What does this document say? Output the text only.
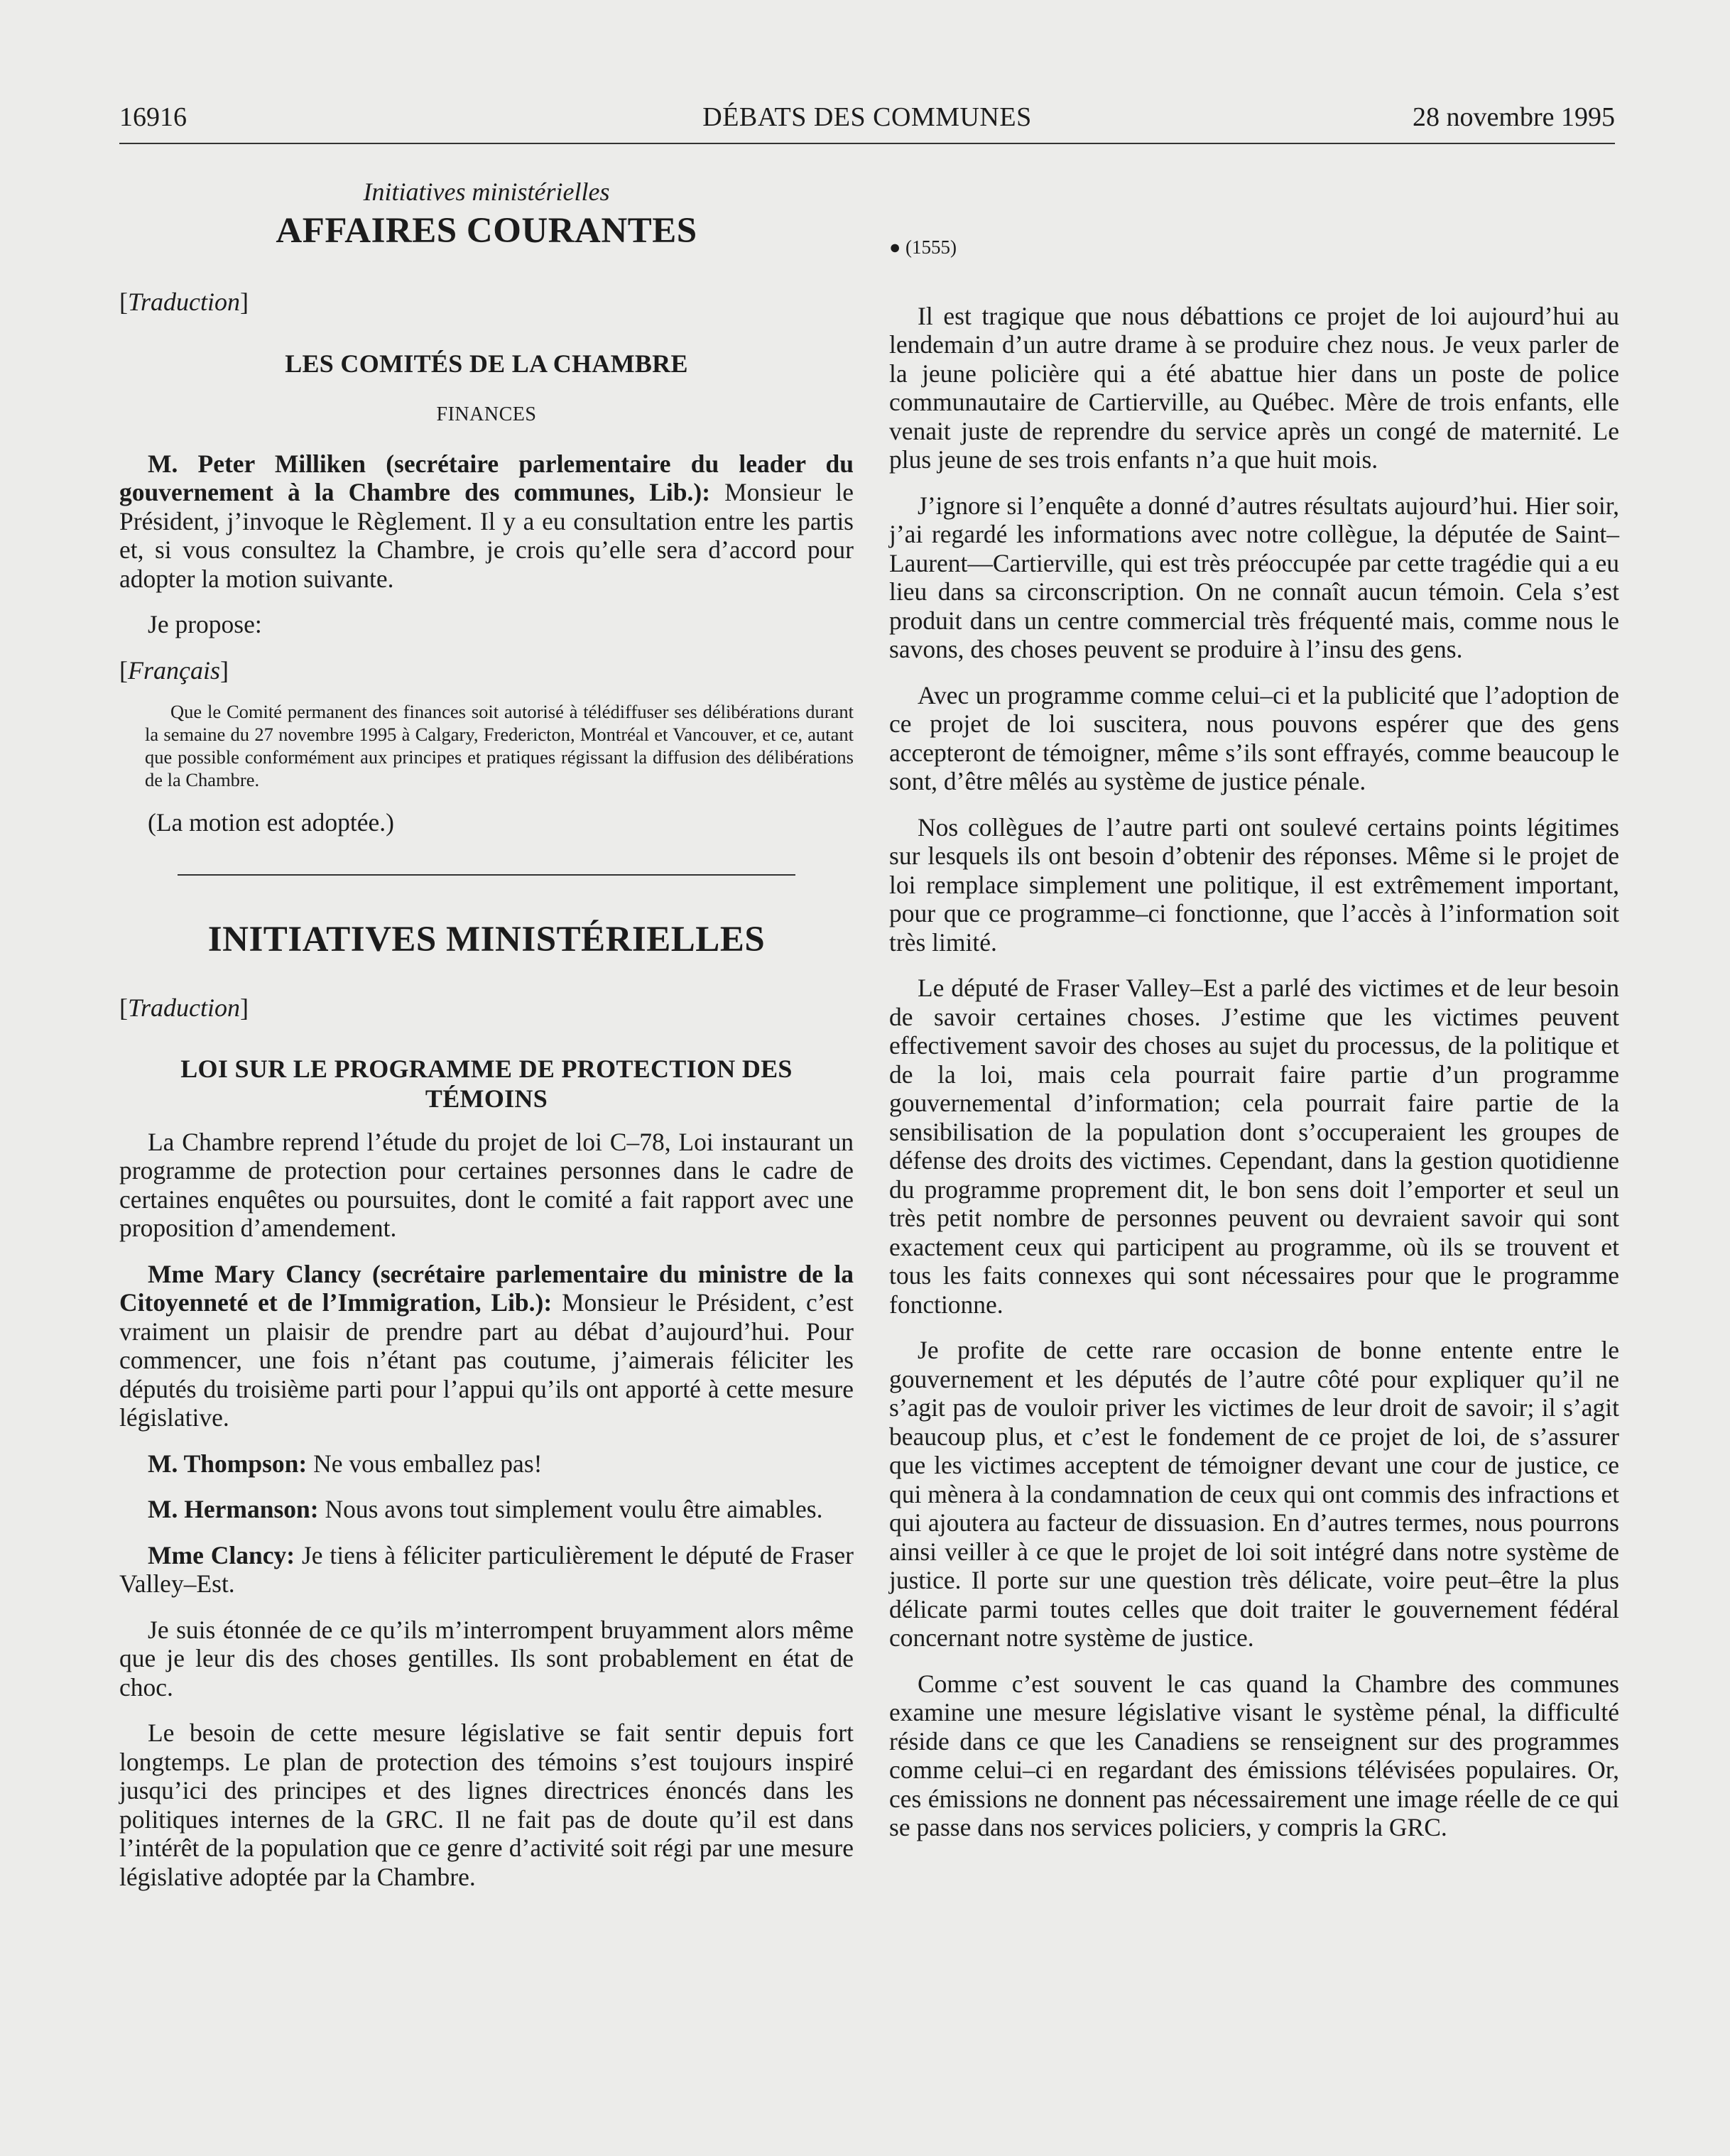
16916	DÉBATS DES COMMUNES	28 novembre 1995
Initiatives ministérielles
AFFAIRES COURANTES
[Traduction]
LES COMITÉS DE LA CHAMBRE
FINANCES

M. Peter Milliken (secrétaire parlementaire du leader du gouvernement à la Chambre des communes, Lib.): Monsieur le Président, j’invoque le Règlement. Il y a eu consultation entre les partis et, si vous consultez la Chambre, je crois qu’elle sera d’accord pour adopter la motion suivante.

Je propose:

[Français]
Que le Comité permanent des finances soit autorisé à télédiffuser ses délibérations durant la semaine du 27 novembre 1995 à Calgary, Fredericton, Montréal et Vancouver, et ce, autant que possible conformément aux principes et pratiques régissant la diffusion des délibérations de la Chambre.

(La motion est adoptée.)

INITIATIVES MINISTÉRIELLES
[Traduction]
LOI SUR LE PROGRAMME DE PROTECTION DES
TÉMOINS

La Chambre reprend l’étude du projet de loi C–78, Loi instaurant un programme de protection pour certaines personnes dans le cadre de certaines enquêtes ou poursuites, dont le comité a fait rapport avec une proposition d’amendement.

Mme Mary Clancy (secrétaire parlementaire du ministre de la Citoyenneté et de l’Immigration, Lib.): Monsieur le Président, c’est vraiment un plaisir de prendre part au débat d’aujourd’hui. Pour commencer, une fois n’étant pas coutume, j’aimerais féliciter les députés du troisième parti pour l’appui qu’ils ont apporté à cette mesure législative.

M. Thompson: Ne vous emballez pas!

M. Hermanson: Nous avons tout simplement voulu être aimables.

Mme Clancy: Je tiens à féliciter particulièrement le député de Fraser Valley–Est.

Je suis étonnée de ce qu’ils m’interrompent bruyamment alors même que je leur dis des choses gentilles. Ils sont probablement en état de choc.

Le besoin de cette mesure législative se fait sentir depuis fort longtemps. Le plan de protection des témoins s’est toujours inspiré jusqu’ici des principes et des lignes directrices énoncés dans les politiques internes de la GRC. Il ne fait pas de doute qu’il est dans l’intérêt de la population que ce genre d’activité soit régi par une mesure législative adoptée par la Chambre.

● (1555)

Il est tragique que nous débattions ce projet de loi aujourd’hui au lendemain d’un autre drame à se produire chez nous. Je veux parler de la jeune policière qui a été abattue hier dans un poste de police communautaire de Cartierville, au Québec. Mère de trois enfants, elle venait juste de reprendre du service après un congé de maternité. Le plus jeune de ses trois enfants n’a que huit mois.

J’ignore si l’enquête a donné d’autres résultats aujourd’hui. Hier soir, j’ai regardé les informations avec notre collègue, la députée de Saint–Laurent—Cartierville, qui est très préoccupée par cette tragédie qui a eu lieu dans sa circonscription. On ne connaît aucun témoin. Cela s’est produit dans un centre commercial très fréquenté mais, comme nous le savons, des choses peuvent se produire à l’insu des gens.

Avec un programme comme celui–ci et la publicité que l’adoption de ce projet de loi suscitera, nous pouvons espérer que des gens accepteront de témoigner, même s’ils sont effrayés, comme beaucoup le sont, d’être mêlés au système de justice pénale.

Nos collègues de l’autre parti ont soulevé certains points légitimes sur lesquels ils ont besoin d’obtenir des réponses. Même si le projet de loi remplace simplement une politique, il est extrêmement important, pour que ce programme–ci fonctionne, que l’accès à l’information soit très limité.

Le député de Fraser Valley–Est a parlé des victimes et de leur besoin de savoir certaines choses. J’estime que les victimes peuvent effectivement savoir des choses au sujet du processus, de la politique et de la loi, mais cela pourrait faire partie d’un programme gouvernemental d’information; cela pourrait faire partie de la sensibilisation de la population dont s’occuperaient les groupes de défense des droits des victimes. Cependant, dans la gestion quotidienne du programme proprement dit, le bon sens doit l’emporter et seul un très petit nombre de personnes peuvent ou devraient savoir qui sont exactement ceux qui participent au programme, où ils se trouvent et tous les faits connexes qui sont nécessaires pour que le programme fonctionne.

Je profite de cette rare occasion de bonne entente entre le gouvernement et les députés de l’autre côté pour expliquer qu’il ne s’agit pas de vouloir priver les victimes de leur droit de savoir; il s’agit beaucoup plus, et c’est le fondement de ce projet de loi, de s’assurer que les victimes acceptent de témoigner devant une cour de justice, ce qui mènera à la condamnation de ceux qui ont commis des infractions et qui ajoutera au facteur de dissuasion. En d’autres termes, nous pourrons ainsi veiller à ce que le projet de loi soit intégré dans notre système de justice. Il porte sur une question très délicate, voire peut–être la plus délicate parmi toutes celles que doit traiter le gouvernement fédéral concernant notre système de justice.

Comme c’est souvent le cas quand la Chambre des communes examine une mesure législative visant le système pénal, la difficulté réside dans ce que les Canadiens se renseignent sur des programmes comme celui–ci en regardant des émissions télévisées populaires. Or, ces émissions ne donnent pas nécessairement une image réelle de ce qui se passe dans nos services policiers, y compris la GRC.
